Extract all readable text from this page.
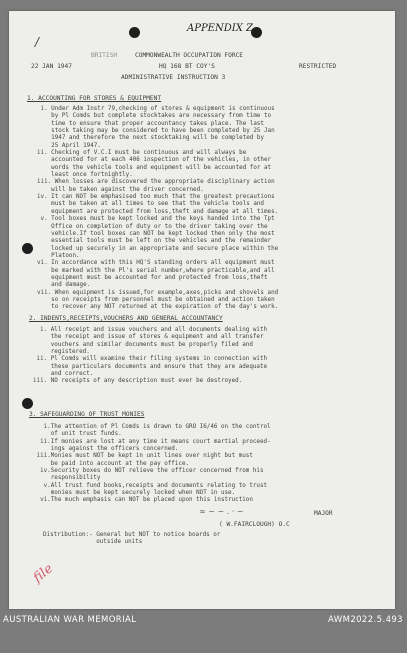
/
APPENDIX Z
BRITISH	COMMONWEALTH OCCUPATION FORCE
22 JAN 1947	HQ 168 BT COY'S	RESTRICTED
ADMINISTRATIVE INSTRUCTION 3
1. ACCOUNTING FOR STORES & EQUIPMENT
i. Under Adm Instr 79,checking of stores & equipment is continuous
by Pl Comds but complete stocktakes are necessary from time to
time to ensure that proper accountancy takes place. The last
stock taking may be considered to have been completed by 25 Jan
1947 and therefore the next stocktaking will be completed by
25 April 1947.
ii. Checking of V.C.I must be continuous and will always be
accounted for at each 406 inspection of the vehicles, in other
words the vehicle tools and equipment will be accounted for at
least once fortnightly.
iii. When losses are discovered the appropriate disciplinary action
will be taken against the driver concerned.
iv. It can NOT be emphasised too much that the greatest precautions
must be taken at all times to see that the vehicle tools and
equipment are protected from loss,theft and damage at all times.
v. Tool boxes must be kept locked and the keys handed into the Tpt
Office on completion of duty or to the driver taking over the
vehicle.If tool boxes can NOT be kept locked then only the most
essential tools must be left on the vehicles and the remainder
locked up securely in an appropriate and secure place within the
Platoon.
vi. In accordance with this HQ'S standing orders all equipment must
be marked with the Pl's serial number,where practicable,and all
equipment must be accounted for and protected from loss,theft
and damage.
vii. When equipment is issued,for example,axes,picks and shovels and
so on receipts from personnel must be obtained and action taken
to recover any NOT returned at the expiration of the day's work.
2. INDENTS,RECEIPTS,VOUCHERS AND GENERAL ACCOUNTANCY
i. All receipt and issue vouchers and all documents dealing with
the receipt and issue of stores & equipment and all transfer
vouchers and similar documents must be properly filed and
registered.
ii. Pl Comds will examine their filing systems in connection with
these particulars documents and ensure that they are adequate
and correct.
iii. NO receipts of any description must ever be destroyed.
3. SAFEGUARDING OF TRUST MONIES
i.The attention of Pl Comds is drawn to GRO I6/46 on the control
of unit trust funds.
ii.If monies are lost at any time it means court martial proceed-
ings against the officers concerned.
iii.Monies must NOT be kept in unit lines over night but must
be paid into account at the pay office.
iv.Security boxes do NOT relieve the officer concerned from his
responsibility
v.All trust fund books,receipts and documents relating to trust
monies must be kept securely locked when NOT in use.
vi.The much emphasis can NOT be placed upon this instruction
≈ ~ ~ . · ~	MAJOR
( W.FAIRCLOUGH) O.C
Distribution:- General but NOT to notice boards or
outside units
file
AUSTRALIAN WAR MEMORIAL	AWM2022.5.493
